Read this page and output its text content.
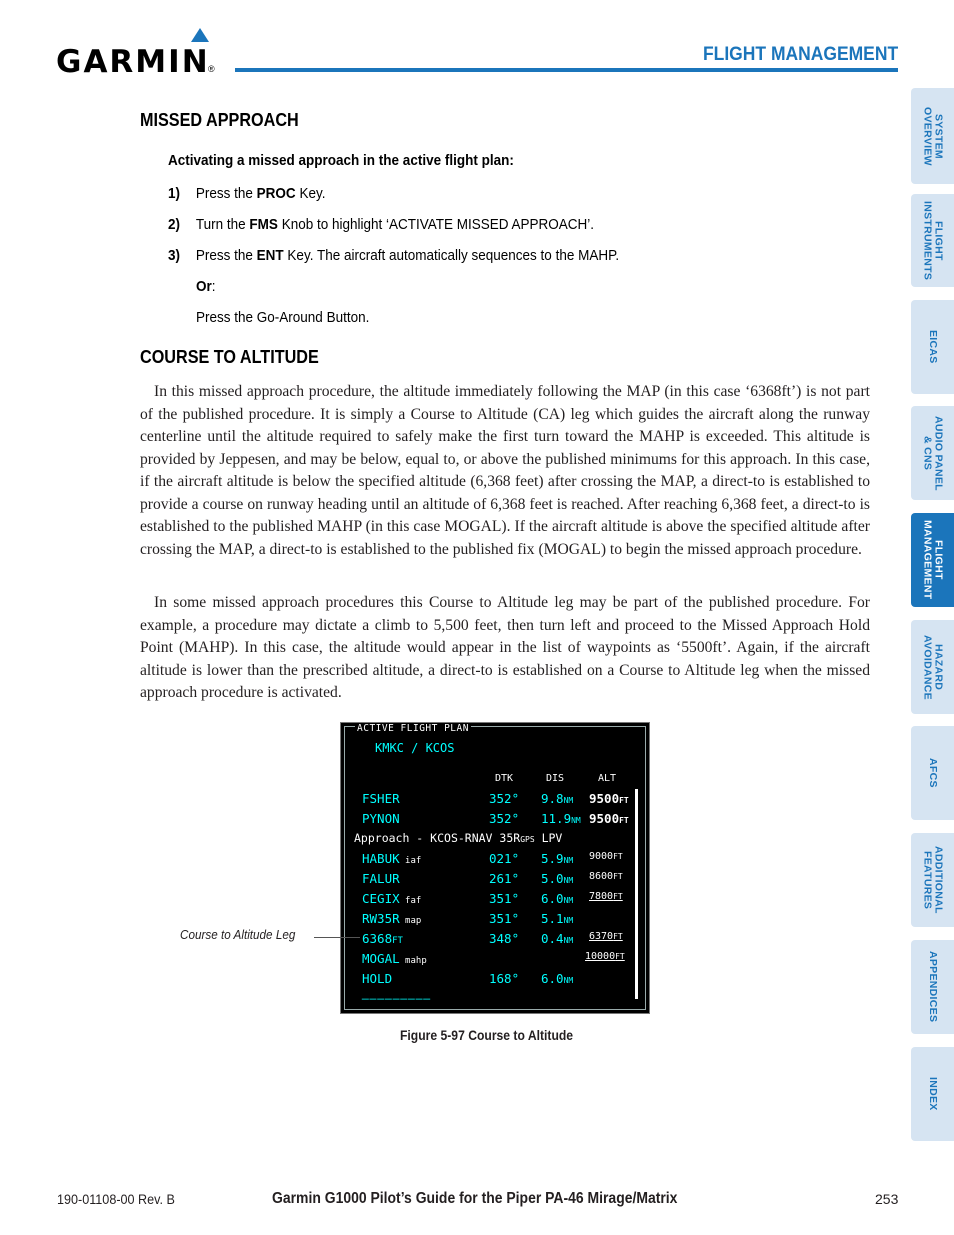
GARMIN
®
FLIGHT MANAGEMENT
SYSTEM
OVERVIEW
FLIGHT
INSTRUMENTS
EICAS
AUDIO PANEL
& CNS
FLIGHT
MANAGEMENT
HAZARD
AVOIDANCE
AFCS
ADDITIONAL
FEATURES
APPENDICES
INDEX
MISSED APPROACH
Activating a missed approach in the active flight plan:
1) Press the PROC Key.
2) Turn the FMS Knob to highlight ‘ACTIVATE MISSED APPROACH’.
3) Press the ENT Key. The aircraft automatically sequences to the MAHP.
Or:
Press the Go-Around Button.
COURSE TO ALTITUDE

In this missed approach procedure, the altitude immediately following the MAP (in this case ‘6368ft’) is not part of the published procedure. It is simply a Course to Altitude (CA) leg which guides the aircraft along the runway centerline until the altitude required to safely make the first turn toward the MAHP is exceeded. This altitude is provided by Jeppesen, and may be below, equal to, or above the published minimums for this approach. In this case, if the aircraft altitude is below the specified altitude (6,368 feet) after crossing the MAP, a direct-to is established to provide a course on runway heading until an altitude of 6,368 feet is reached. After reaching 6,368 feet, a direct-to is established to the published MAHP (in this case MOGAL). If the aircraft altitude is above the specified altitude after crossing the MAP, a direct-to is established to the published fix (MOGAL) to begin the missed approach procedure.

In some missed approach procedures this Course to Altitude leg may be part of the published procedure. For example, a procedure may dictate a climb to 5,500 feet, then turn left and proceed to the Missed Approach Hold Point (MAHP). In this case, the altitude would appear in the list of waypoints as ‘5500ft’. Again, if the aircraft altitude is lower than the prescribed altitude, a direct-to is established on a Course to Altitude leg when the missed approach procedure is activated.

ACTIVE FLIGHT PLAN
KMKC / KCOS
DTK	DIS	ALT
FSHER	352° 9.8NM 9500FT
PYNON	352° 11.9NM 9500FT
Approach - KCOS-RNAV 35RGPS LPV
HABUK iaf	021° 5.9NM 9000FT
FALUR	261° 5.0NM 8600FT
CEGIX faf	351° 6.0NM 7800FT
RW35R map	351° 5.1NM
6368FT	348° 0.4NM 6370FT
MOGAL mahp	10000FT
HOLD	168° 6.0NM
_________
Course to Altitude Leg
Figure 5-97 Course to Altitude
190-01108-00 Rev. B	Garmin G1000 Pilot’s Guide for the Piper PA-46 Mirage/Matrix	253
